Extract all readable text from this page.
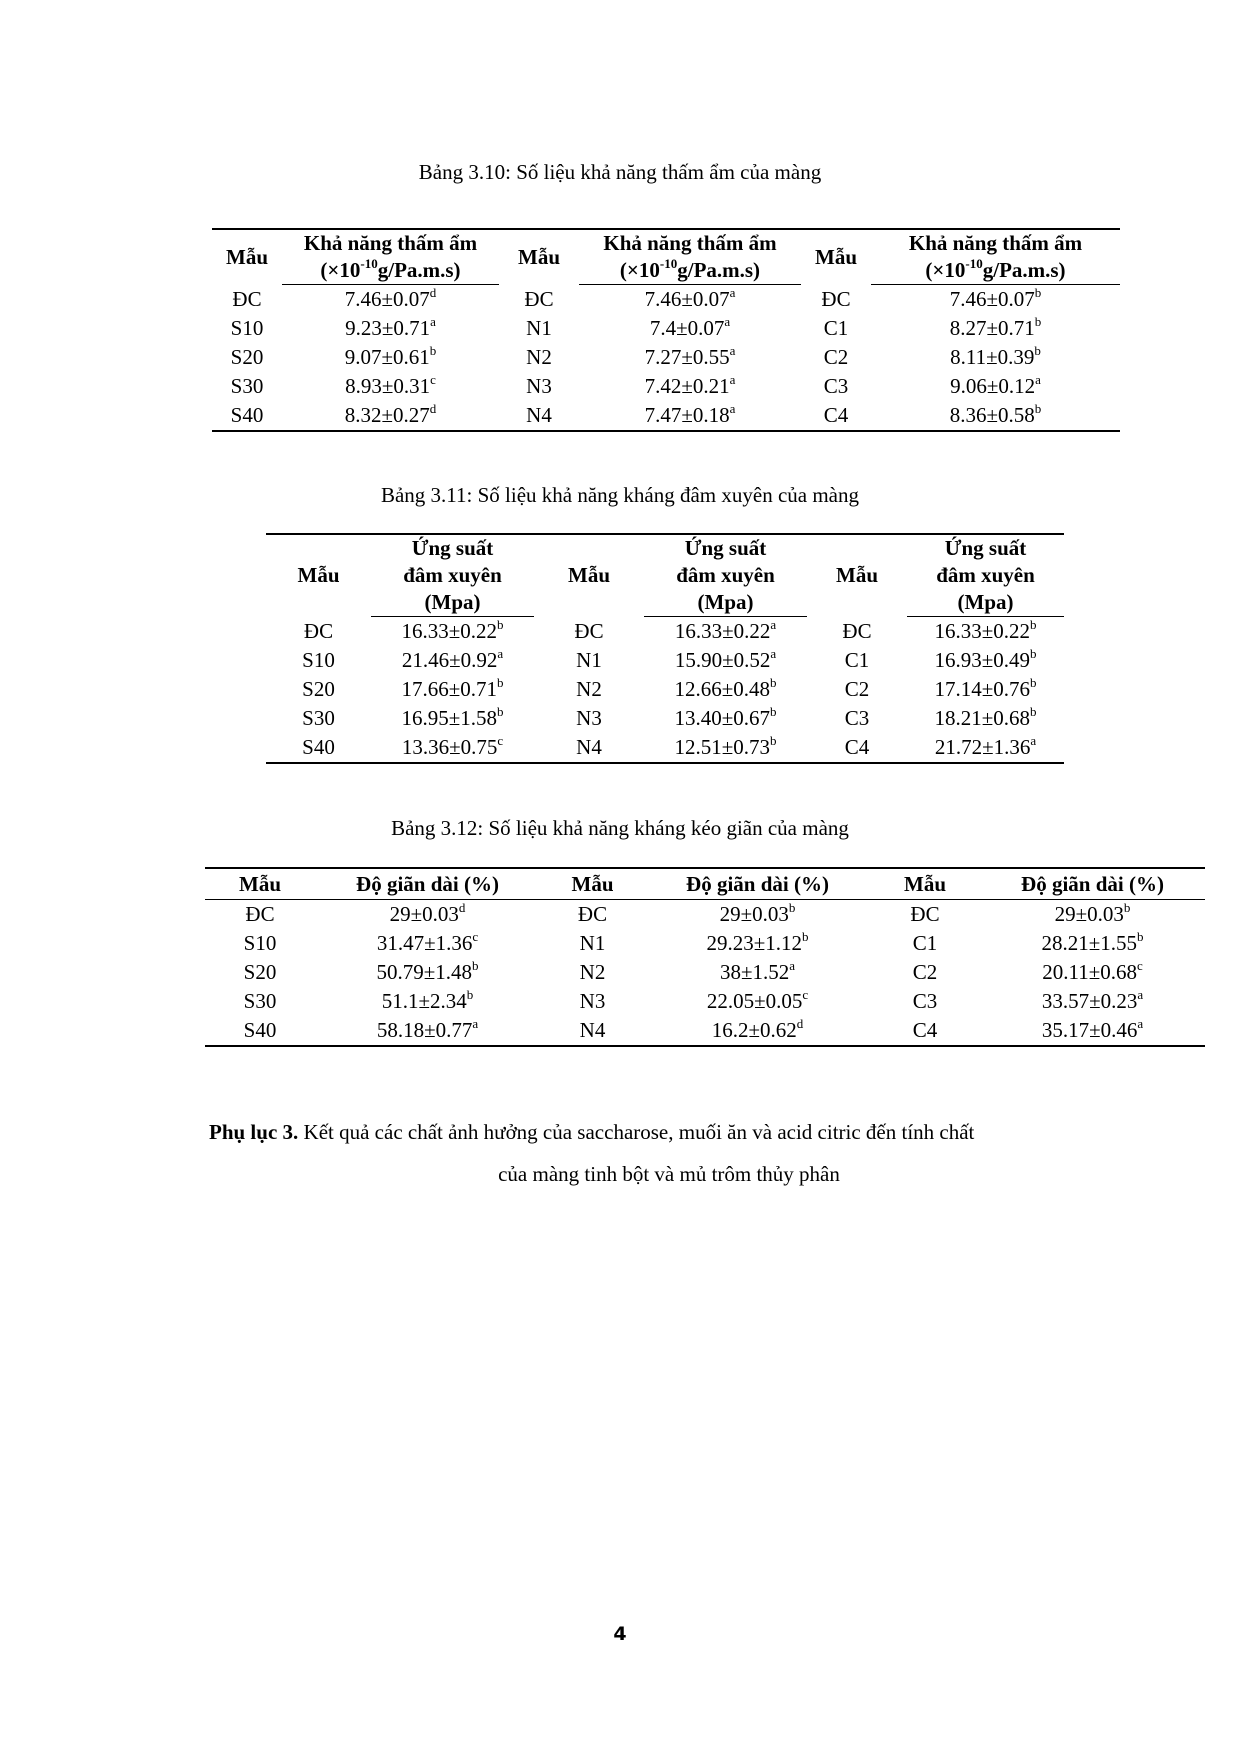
Bảng 3.10: Số liệu khả năng thấm ẩm của màng
Mẫu	Khả năng thấm ẩm	Mẫu	Khả năng thấm ẩm	Mẫu	Khả năng thấm ẩm
	$(\times 10^{-10}g/Pa.m.s)$		$(\times 10^{-10}g/Pa.m.s)$		$(\times 10^{-10}g/Pa.m.s)$
ĐC	7.46±0.07$^d$	ĐC	7.46±0.07$^a$	ĐC	7.46±0.07$^b$
S10	9.23±0.71$^a$	N1	7.4±0.07$^a$	C1	8.27±0.71$^b$
S20	9.07±0.61$^b$	N2	7.27±0.55$^a$	C2	8.11±0.39$^b$
S30	8.93±0.31$^c$	N3	7.42±0.21$^a$	C3	9.06±0.12$^a$
S40	8.32±0.27$^d$	N4	7.47±0.18$^a$	C4	8.36±0.58$^b$
Bảng 3.11: Số liệu khả năng kháng đâm xuyên của màng
Mẫu	Ứng suất	Mẫu	Ứng suất	Mẫu	Ứng suất
	đâm xuyên		đâm xuyên		đâm xuyên
	(Mpa)		(Mpa)		(Mpa)
ĐC	16.33±0.22$^b$	ĐC	16.33±0.22$^a$	ĐC	16.33±0.22$^b$
S10	21.46±0.92$^a$	N1	15.90±0.52$^a$	C1	16.93±0.49$^b$
S20	17.66±0.71$^b$	N2	12.66±0.48$^b$	C2	17.14±0.76$^b$
S30	16.95±1.58$^b$	N3	13.40±0.67$^b$	C3	18.21±0.68$^b$
S40	13.36±0.75$^c$	N4	12.51±0.73$^b$	C4	21.72±1.36$^a$
Bảng 3.12: Số liệu khả năng kháng kéo giãn của màng
Mẫu	Độ giãn dài (%)	Mẫu	Độ giãn dài (%)	Mẫu	Độ giãn dài (%)
ĐC	29±0.03$^d$	ĐC	29±0.03$^b$	ĐC	29±0.03$^b$
S10	31.47±1.36$^c$	N1	29.23±1.12$^b$	C1	28.21±1.55$^b$
S20	50.79±1.48$^b$	N2	38±1.52$^a$	C2	20.11±0.68$^c$
S30	51.1±2.34$^b$	N3	22.05±0.05$^c$	C3	33.57±0.23$^a$
S40	58.18±0.77$^a$	N4	16.2±0.62$^d$	C4	35.17±0.46$^a$
Phụ lục 3. Kết quả các chất ảnh hưởng của saccharose, muối ăn và acid citric đến tính chất
của màng tinh bột và mủ trôm thủy phân
4
